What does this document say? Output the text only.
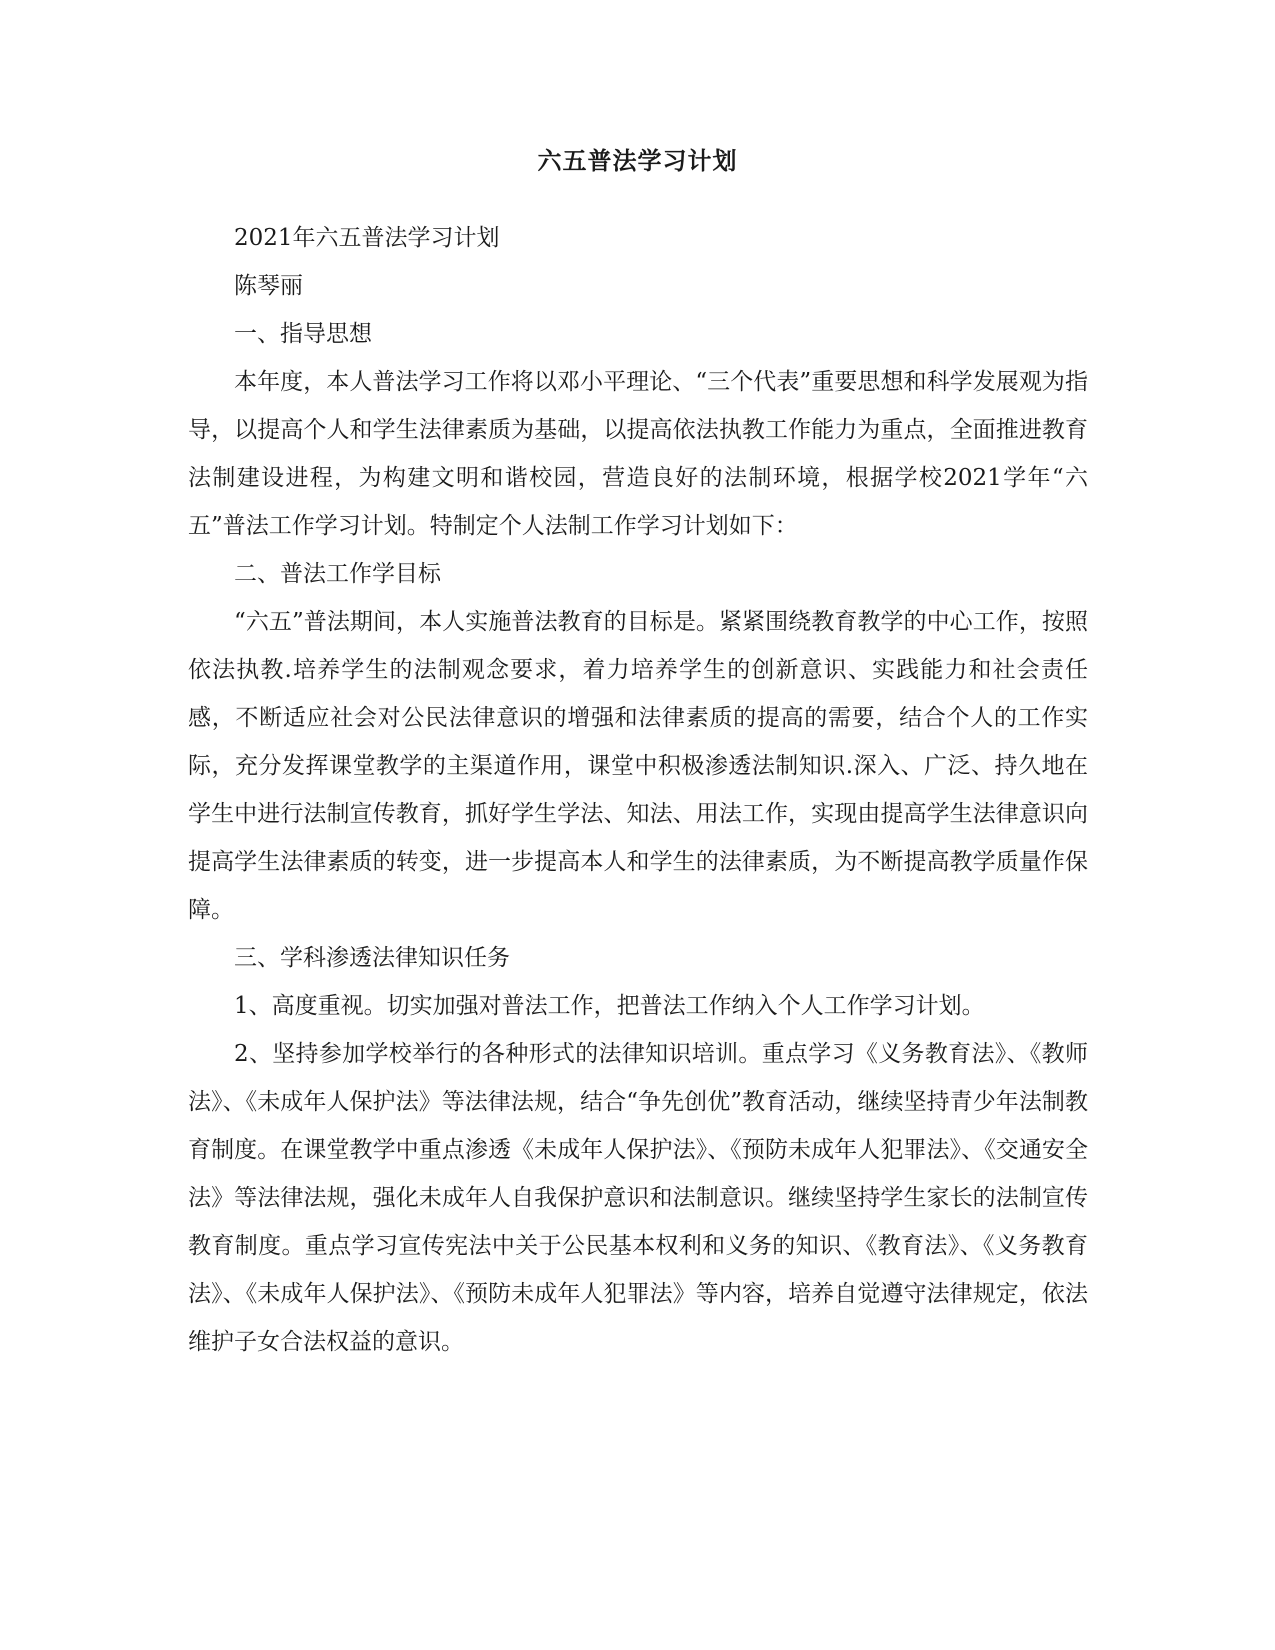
六五普法学习计划

2021年六五普法学习计划

陈琴丽

一、指导思想

本年度，本人普法学习工作将以邓小平理论、“三个代表”重要思想和科学发展观为指导，以提高个人和学生法律素质为基础，以提高依法执教工作能力为重点，全面推进教育法制建设进程，为构建文明和谐校园，营造良好的法制环境，根据学校2021学年“六五”普法工作学习计划。特制定个人法制工作学习计划如下：

二、普法工作学目标

“六五”普法期间，本人实施普法教育的目标是。紧紧围绕教育教学的中心工作，按照依法执教.培养学生的法制观念要求，着力培养学生的创新意识、实践能力和社会责任感，不断适应社会对公民法律意识的增强和法律素质的提高的需要，结合个人的工作实际，充分发挥课堂教学的主渠道作用，课堂中积极渗透法制知识.深入、广泛、持久地在学生中进行法制宣传教育，抓好学生学法、知法、用法工作，实现由提高学生法律意识向提高学生法律素质的转变，进一步提高本人和学生的法律素质，为不断提高教学质量作保障。

三、学科渗透法律知识任务

1、高度重视。切实加强对普法工作，把普法工作纳入个人工作学习计划。

2、坚持参加学校举行的各种形式的法律知识培训。重点学习《义务教育法》、《教师法》、《未成年人保护法》等法律法规，结合“争先创优”教育活动，继续坚持青少年法制教育制度。在课堂教学中重点渗透《未成年人保护法》、《预防未成年人犯罪法》、《交通安全法》等法律法规，强化未成年人自我保护意识和法制意识。继续坚持学生家长的法制宣传教育制度。重点学习宣传宪法中关于公民基本权利和义务的知识、《教育法》、《义务教育法》、《未成年人保护法》、《预防未成年人犯罪法》等内容，培养自觉遵守法律规定，依法维护子女合法权益的意识。
